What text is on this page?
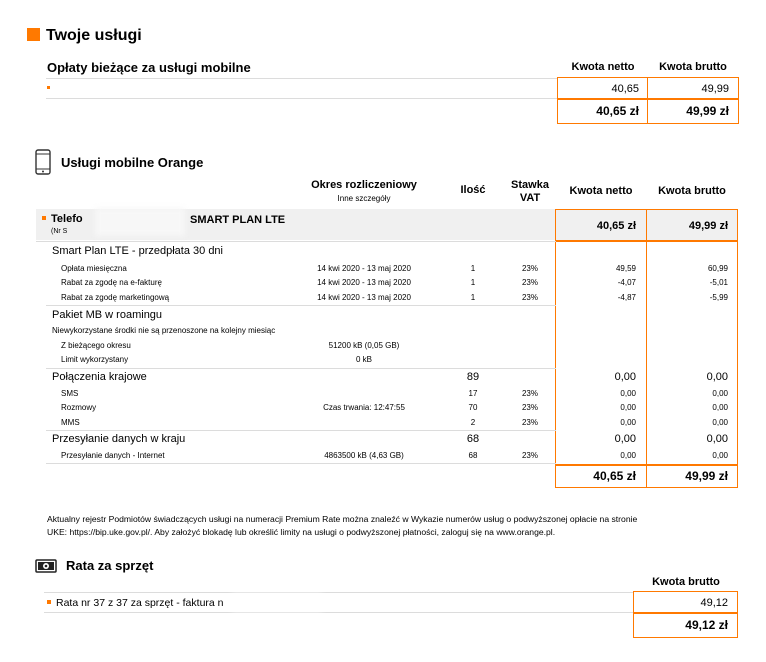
Twoje usługi
Opłaty bieżące za usługi mobilne	Kwota netto	Kwota brutto
40,65	49,99
40,65 zł	49,99 zł
Usługi mobilne Orange
Okres rozliczeniowy
Inne szczegóły
Ilość	Stawka
VAT
Kwota netto	Kwota brutto
Telefo
(Nr S
SMART PLAN LTE	40,65 zł	49,99 zł
Smart Plan LTE - przedpłata 30 dni
Opłata miesięczna	14 kwi 2020 - 13 maj 2020	1	23%	49,59	60,99
Rabat za zgodę na e-fakturę	14 kwi 2020 - 13 maj 2020	1	23%	-4,07	-5,01
Rabat za zgodę marketingową	14 kwi 2020 - 13 maj 2020	1	23%	-4,87	-5,99
Pakiet MB w roamingu
Niewykorzystane środki nie są przenoszone na kolejny miesiąc
Z bieżącego okresu	51200 kB (0,05 GB)
Limit wykorzystany	0 kB
Połączenia krajowe	89	0,00	0,00
SMS	17	23%	0,00	0,00
Rozmowy	Czas trwania: 12:47:55	70	23%	0,00	0,00
MMS	2	23%	0,00	0,00
Przesyłanie danych w kraju	68	0,00	0,00
Przesyłanie danych - Internet	4863500 kB (4,63 GB)	68	23%	0,00	0,00
40,65 zł	49,99 zł
Aktualny rejestr Podmiotów świadczących usługi na numeracji Premium Rate można znaleźć w Wykazie numerów usług o podwyższonej opłacie na stronie
UKE: https://bip.uke.gov.pl/. Aby założyć blokadę lub określić limity na usługi o podwyższonej płatności, zaloguj się na www.orange.pl.
Rata za sprzęt
Kwota brutto
Rata nr 37 z 37 za sprzęt - faktura n	49,12
49,12 zł
